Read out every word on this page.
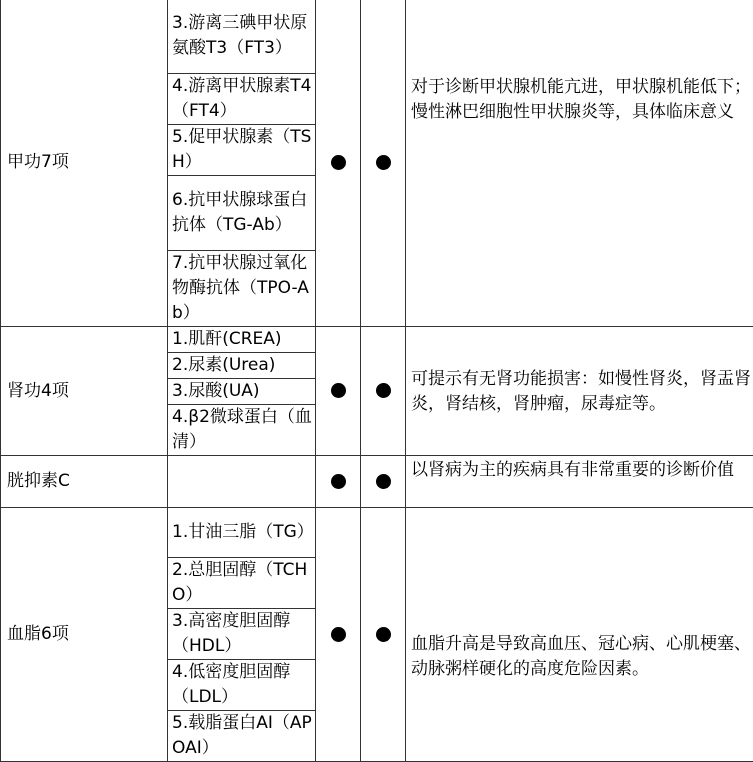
甲功7项	3.游离三碘甲状原氨酸T3（FT3）			对于诊断甲状腺机能亢进，甲状腺机能低下；慢性淋巴细胞性甲状腺炎等，具体临床意义

	4.游离甲状腺素T4（FT4）			
	5.促甲状腺素（TSH）			
	6.抗甲状腺球蛋白抗体（TG-Ab）			
	7.抗甲状腺过氧化物酶抗体（TPO-Ab）			
肾功4项	1.肌酐(CREA)			可提示有无肾功能损害：如慢性肾炎，肾盂肾炎，肾结核，肾肿瘤，尿毒症等。

	2.尿素(Urea)			
	3.尿酸(UA)			
	4.β2微球蛋白（血清）			
胱抑素C				以肾病为主的疾病具有非常重要的诊断价值

血脂6项	1.甘油三脂（TG）			血脂升高是导致高血压、冠心病、心肌梗塞、动脉粥样硬化的高度危险因素。

	2.总胆固醇（TCHO）			
	3.高密度胆固醇（HDL）			
	4.低密度胆固醇（LDL）			
	5.载脂蛋白AI（APOAI）			
